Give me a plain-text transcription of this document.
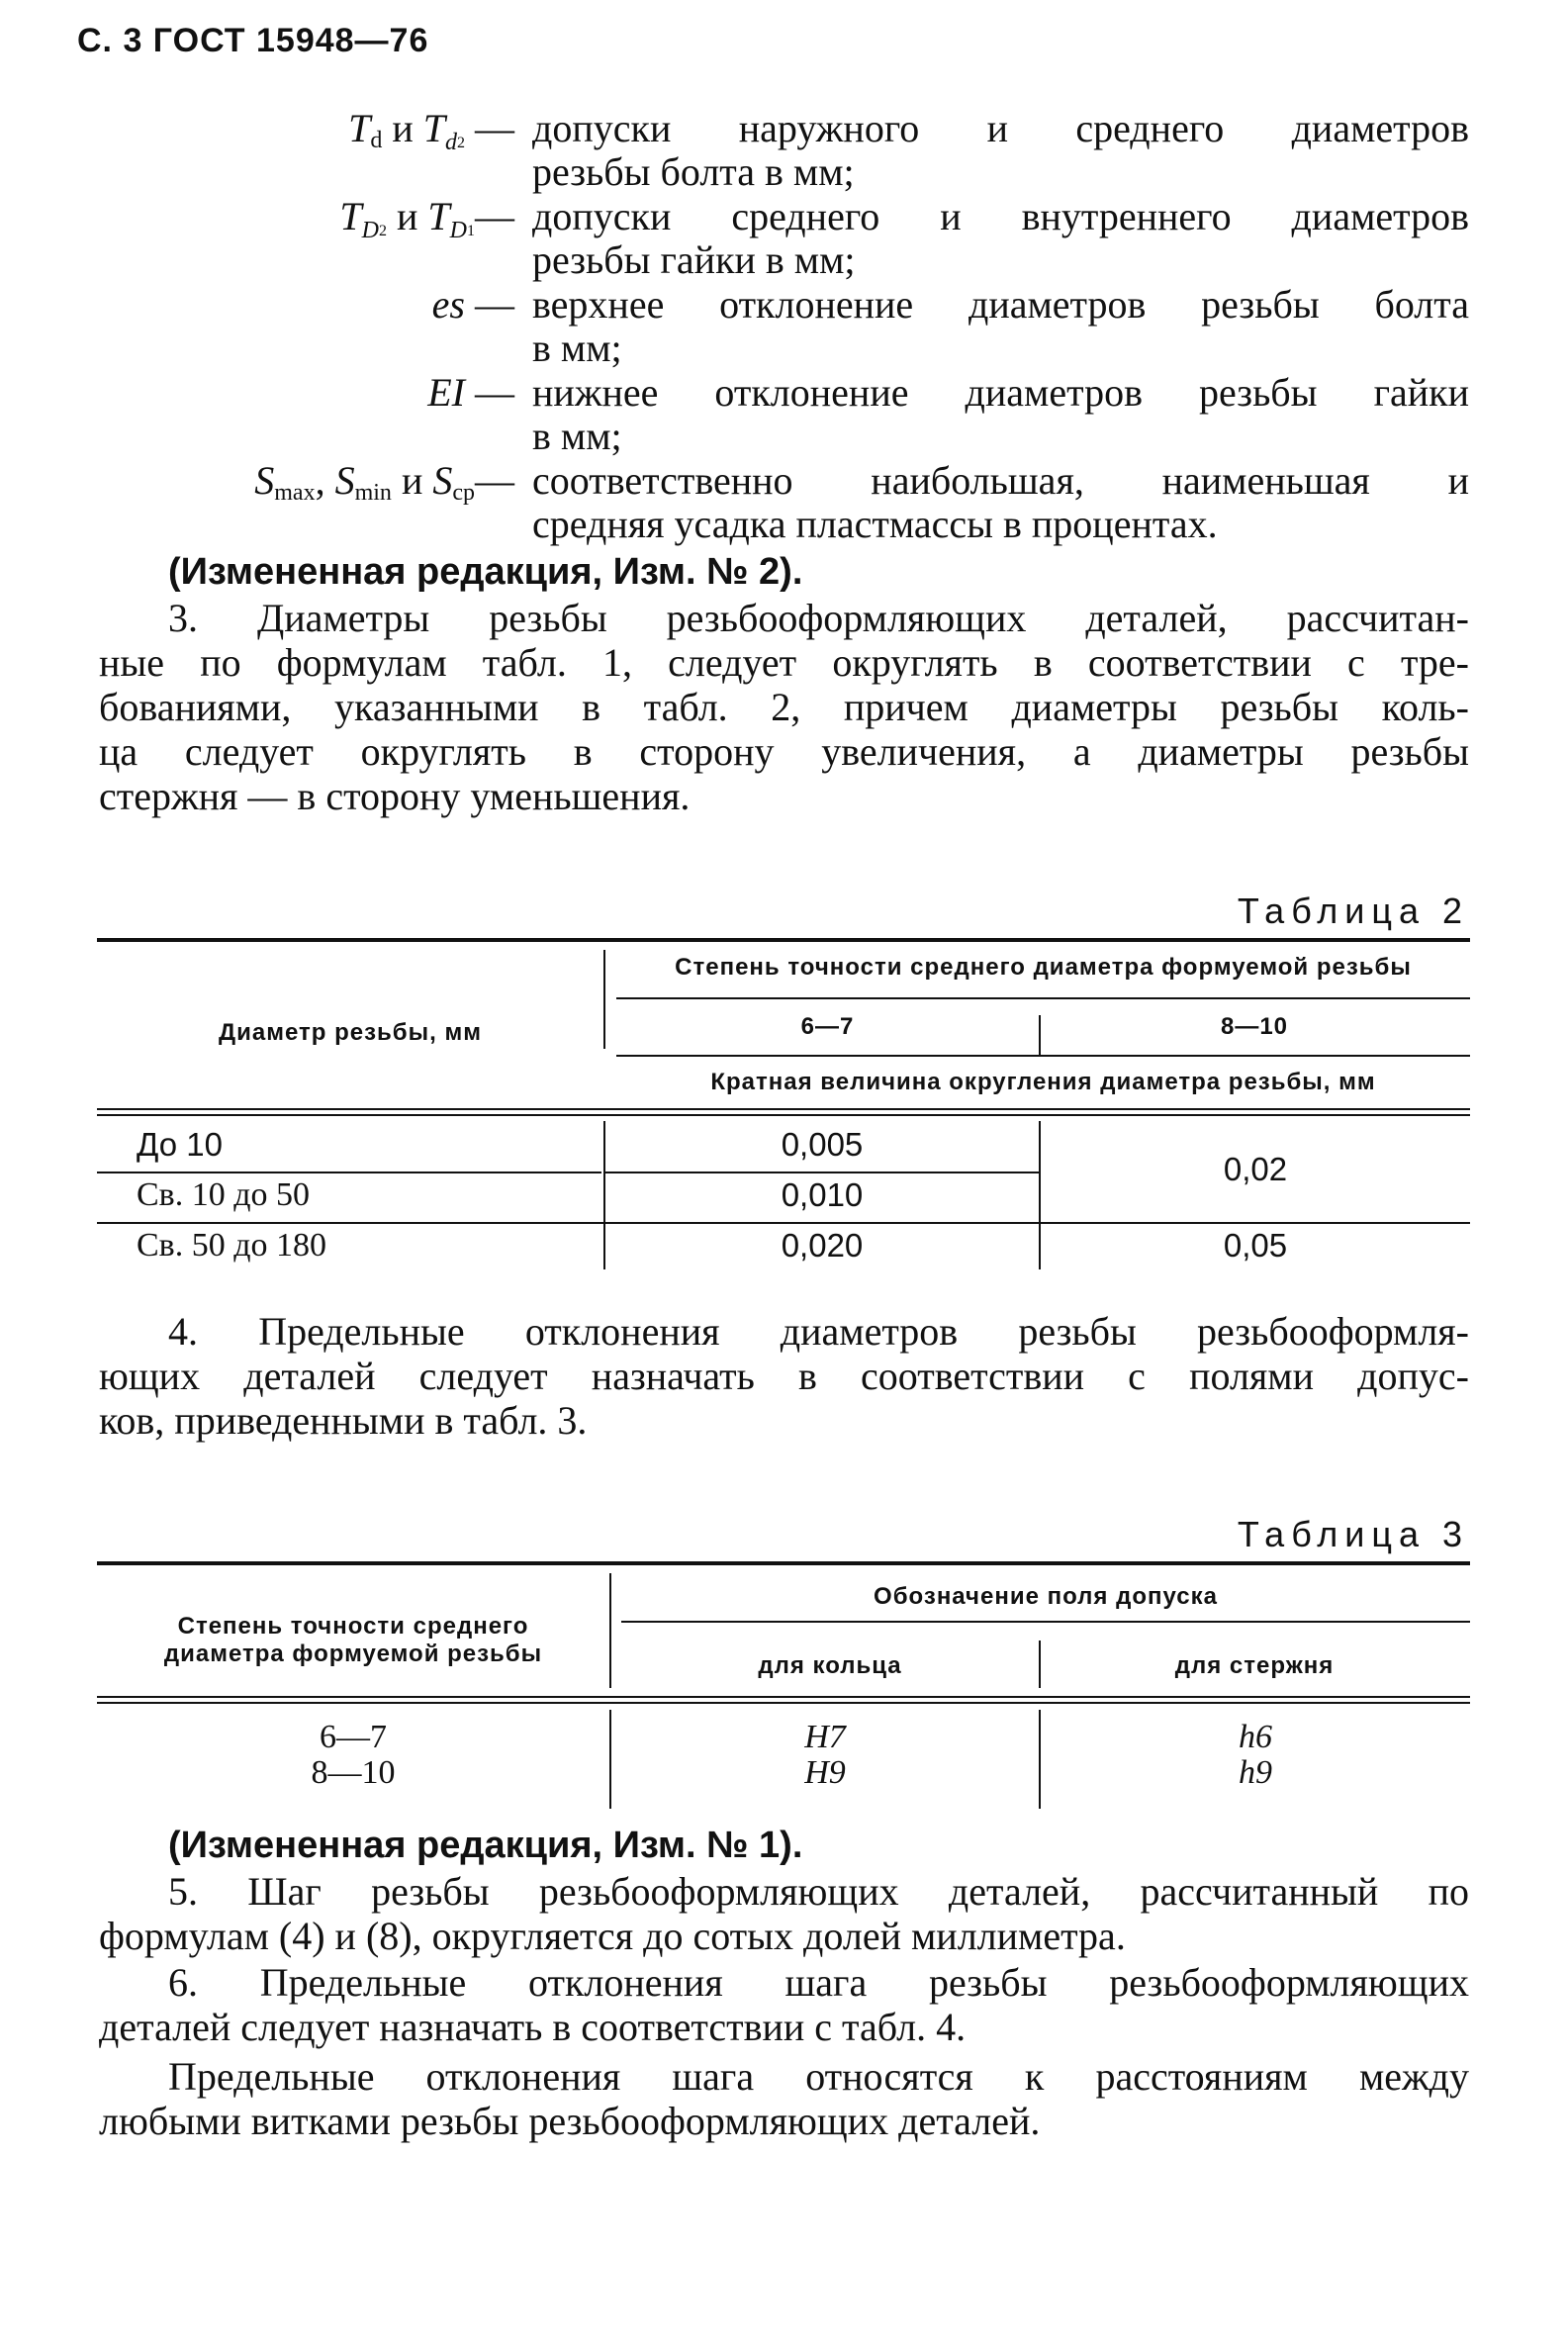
С. 3 ГОСТ 15948—76
Td и $T_d2$ — допуски наружного и среднего диаметров
резьбы болта в мм;
$T_D2$ и $T_D1—$ допуски среднего и внутреннего диаметров
резьбы гайки в мм;
es — верхнее отклонение диаметров резьбы болта
в мм;
EI — нижнее отклонение диаметров резьбы гайки
в мм;
Smax, Smin и Scp— соответственно наибольшая, наименьшая и
средняя усадка пластмассы в процентах.
(Измененная редакция, Изм. № 2).
3. Диаметры резьбы резьбооформляющих деталей, рассчитан-
ные по формулам табл. 1, следует округлять в соответствии с тре-
бованиями, указанными в табл. 2, причем диаметры резьбы коль-
ца следует округлять в сторону увеличения, а диаметры резьбы
стержня — в сторону уменьшения.
Таблица 2
Диаметр резьбы, мм
Степень точности среднего диаметра формуемой резьбы
6—7	8—10
Кратная величина округления диаметра резьбы, мм
До 10
Св. 10 до 50
Св. 50 до 180
0,005
0,010
0,020
0,02
0,05
4. Предельные отклонения диаметров резьбы резьбооформля-
ющих деталей следует назначать в соответствии с полями допус-
ков, приведенными в табл. 3.
Таблица 3
Степень точности среднего
диаметра формуемой резьбы
Обозначение поля допуска
для кольца	для стержня
6—7
8—10
H7
H9
h6
h9
(Измененная редакция, Изм. № 1).
5. Шаг резьбы резьбооформляющих деталей, рассчитанный по
формулам (4) и (8), округляется до сотых долей миллиметра.
6. Предельные отклонения шага резьбы резьбооформляющих
деталей следует назначать в соответствии с табл. 4.
Предельные отклонения шага относятся к расстояниям между
любыми витками резьбы резьбооформляющих деталей.
